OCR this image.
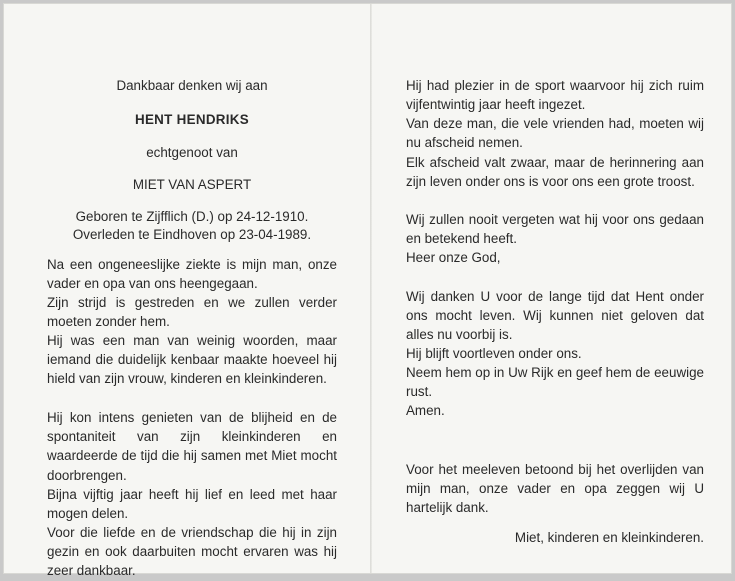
Dankbaar denken wij aan
HENT HENDRIKS
echtgenoot van
MIET VAN ASPERT
Geboren te Zijfflich (D.) op 24-12-1910.
Overleden te Eindhoven op 23-04-1989.
Na een ongeneeslijke ziekte is mijn man, onze vader en opa van ons heengegaan.
Zijn strijd is gestreden en we zullen verder moeten zonder hem.
Hij was een man van weinig woorden, maar iemand die duidelijk kenbaar maakte hoeveel hij hield van zijn vrouw, kinderen en kleinkinderen.
Hij kon intens genieten van de blijheid en de spontaniteit van zijn kleinkinderen en waardeerde de tijd die hij samen met Miet mocht doorbrengen.
Bijna vijftig jaar heeft hij lief en leed met haar mogen delen.
Voor die liefde en de vriendschap die hij in zijn gezin en ook daarbuiten mocht ervaren was hij zeer dankbaar.
Hij had plezier in de sport waarvoor hij zich ruim vijfentwintig jaar heeft ingezet.
Van deze man, die vele vrienden had, moeten wij nu afscheid nemen.
Elk afscheid valt zwaar, maar de herinnering aan zijn leven onder ons is voor ons een grote troost.
Wij zullen nooit vergeten wat hij voor ons gedaan en betekend heeft.
Heer onze God,
Wij danken U voor de lange tijd dat Hent onder ons mocht leven. Wij kunnen niet geloven dat alles nu voorbij is.
Hij blijft voortleven onder ons.
Neem hem op in Uw Rijk en geef hem de eeuwige rust.
Amen.
Voor het meeleven betoond bij het overlijden van mijn man, onze vader en opa zeggen wij U hartelijk dank.
Miet, kinderen en kleinkinderen.
